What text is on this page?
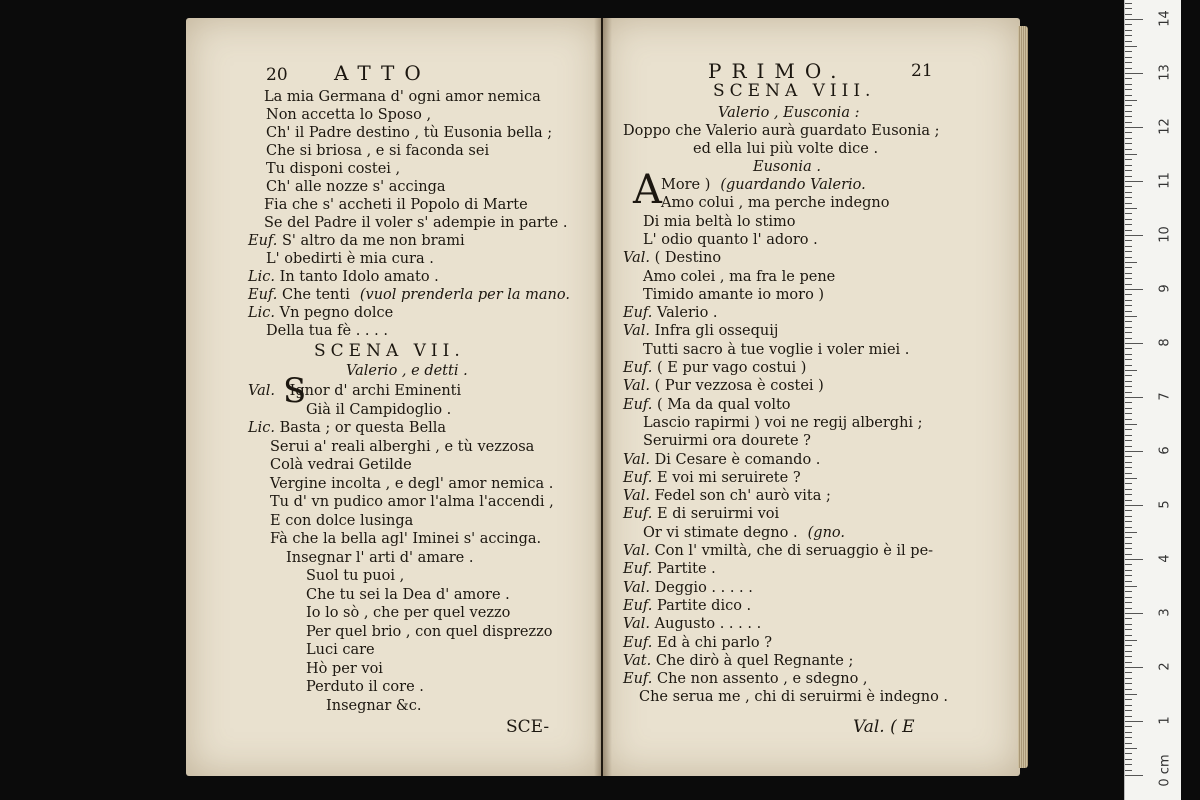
20 ATTO
La mia Germana d' ogni amor nemica
Non accetta lo Sposo ,
Ch' il Padre destino , tù Eusonia bella ;
Che si briosa , e si faconda sei
Tu disponi costei ,
Ch' alle nozze s' accinga
Fia che s' accheti il Popolo di Marte
Se del Padre il voler s' adempie in parte .
Euf. S' altro da me non brami
L' obedirti è mia cura .
Lic. In tanto Idolo amato .
Euf. Che tenti (vuol prenderla per la mano.
Lic. Vn pegno dolce
Della tua fè . . . .
SCENA VII.
Valerio , e detti .
Val. Ignor d' archi Eminenti
Già il Campidoglio .
Lic. Basta ; or questa Bella
Serui a' reali alberghi , e tù vezzosa
Colà vedrai Getilde
Vergine incolta , e degl' amor nemica .
Tu d' vn pudico amor l'alma l'accendi ,
E con dolce lusinga
Fà che la bella agl' Iminei s' accinga.
Insegnar l' arti d' amare .
Suol tu puoi ,
Che tu sei la Dea d' amore .
Io lo sò , che per quel vezzo
Per quel brio , con quel disprezzo
Luci care
Hò per voi
Perduto il core .
Insegnar &c.
SCE-
PRIMO.	21
SCENA VIII.
Valerio , Eusconia :
Doppo che Valerio aurà guardato Eusonia ;
ed ella lui più volte dice .
Eusonia .
A More ) (guardando Valerio.
Amo colui , ma perche indegno
Di mia beltà lo stimo
L' odio quanto l' adoro .
Val. ( Destino
Amo colei , ma fra le pene
Timido amante io moro )
Euf. Valerio .
Val. Infra gli ossequij
Tutti sacro à tue voglie i voler miei .
Euf. ( E pur vago costui )
Val. ( Pur vezzosa è costei )
Euf. ( Ma da qual volto
Lascio rapirmi ) voi ne regij alberghi ;
Seruirmi ora dourete ?
Val. Di Cesare è comando .
Euf. E voi mi seruirete ?
Val. Fedel son ch' aurò vita ;
Euf. E di seruirmi voi
Or vi stimate degno . (gno.
Val. Con l' vmiltà, che di seruaggio è il pe-
Euf. Partite .
Val. Deggio . . . . .
Euf. Partite dico .
Val. Augusto . . . . .
Euf. Ed à chi parlo ?
Vat. Che dirò à quel Regnante ;
Euf. Che non assento , e sdegno ,
Che serua me , chi di seruirmi è indegno .
Val. ( E
S
0 cm
1
2
3
4
5
6
7
8
9
10
11
12
13
14
